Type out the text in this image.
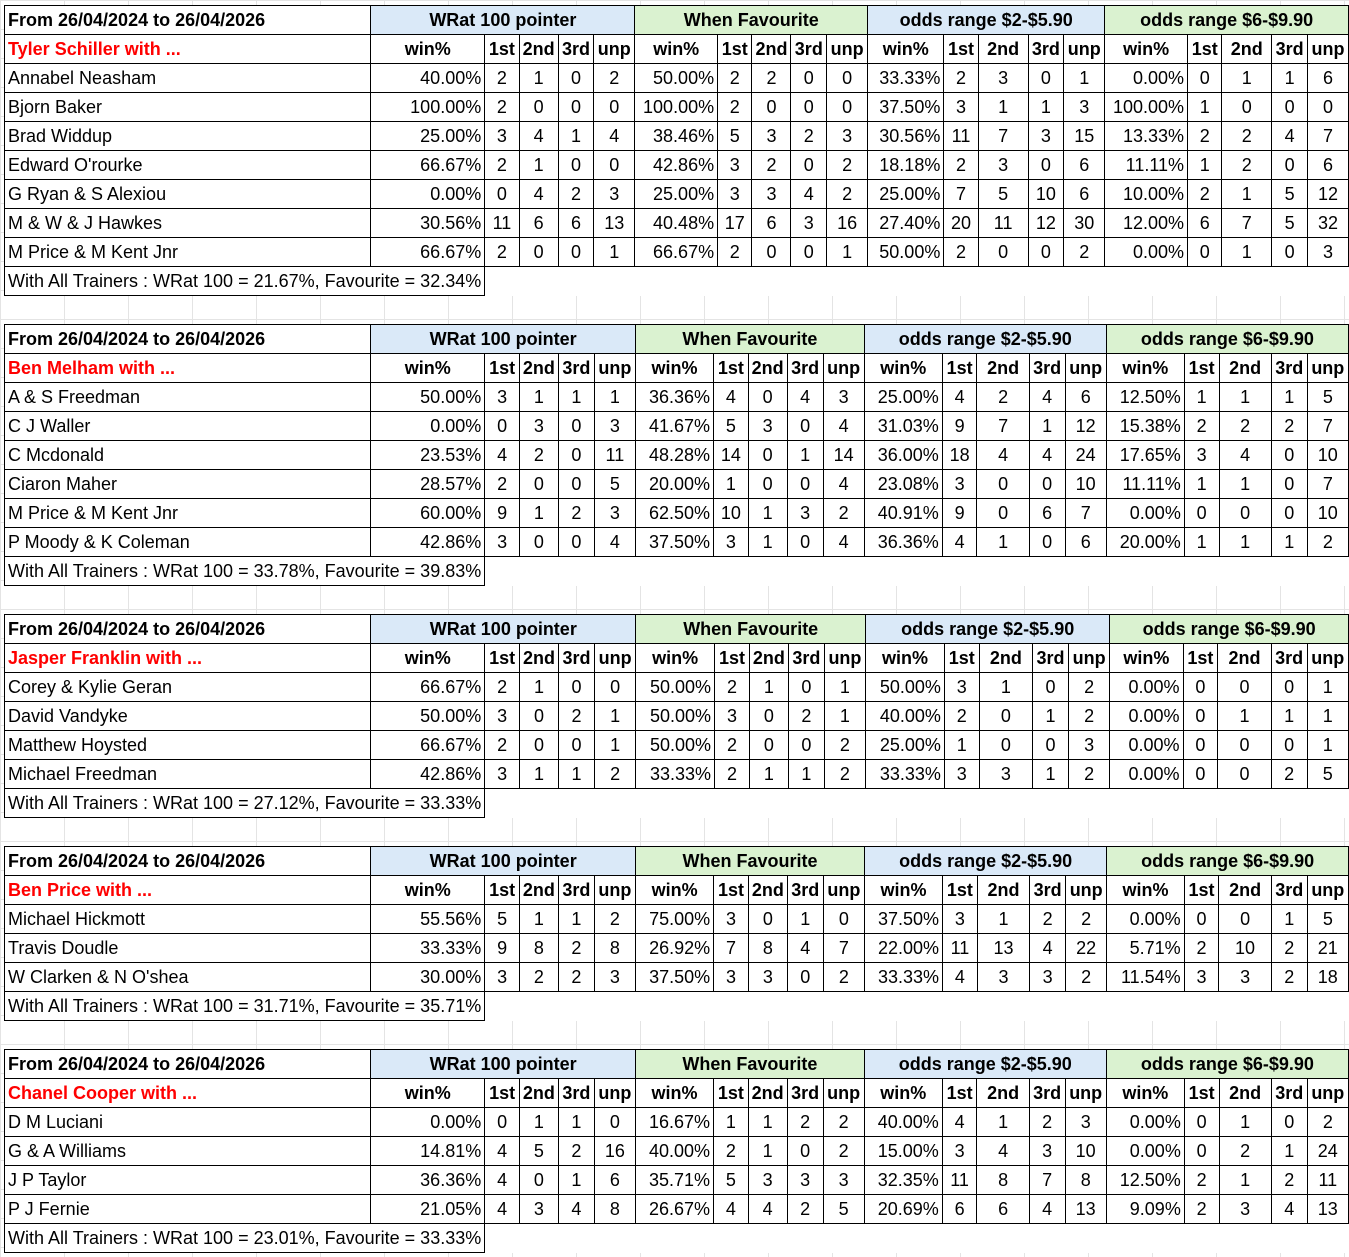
From 26/04/2024 to 26/04/2026	WRat 100 pointer					When Favourite					odds range $2-$5.90					odds range $6-$9.90				
Tyler Schiller with ...	win%	1st	2nd	3rd	unp	win%	1st	2nd	3rd	unp	win%	1st	2nd	3rd	unp	win%	1st	2nd	3rd	unp
Annabel Neasham	40.00%	2	1	0	2	50.00%	2	2	0	0	33.33%	2	3	0	1	0.00%	0	1	1	6
Bjorn Baker	100.00%	2	0	0	0	100.00%	2	0	0	0	37.50%	3	1	1	3	100.00%	1	0	0	0
Brad Widdup	25.00%	3	4	1	4	38.46%	5	3	2	3	30.56%	11	7	3	15	13.33%	2	2	4	7
Edward O'rourke	66.67%	2	1	0	0	42.86%	3	2	0	2	18.18%	2	3	0	6	11.11%	1	2	0	6
G Ryan & S Alexiou	0.00%	0	4	2	3	25.00%	3	3	4	2	25.00%	7	5	10	6	10.00%	2	1	5	12
M & W & J Hawkes	30.56%	11	6	6	13	40.48%	17	6	3	16	27.40%	20	11	12	30	12.00%	6	7	5	32
M Price & M Kent Jnr	66.67%	2	0	0	1	66.67%	2	0	0	1	50.00%	2	0	0	2	0.00%	0	1	0	3
With All Trainers : WRat 100 = 21.67%, Favourite = 32.34%																				
From 26/04/2024 to 26/04/2026	WRat 100 pointer					When Favourite					odds range $2-$5.90					odds range $6-$9.90				
Ben Melham with ...	win%	1st	2nd	3rd	unp	win%	1st	2nd	3rd	unp	win%	1st	2nd	3rd	unp	win%	1st	2nd	3rd	unp
A & S Freedman	50.00%	3	1	1	1	36.36%	4	0	4	3	25.00%	4	2	4	6	12.50%	1	1	1	5
C J Waller	0.00%	0	3	0	3	41.67%	5	3	0	4	31.03%	9	7	1	12	15.38%	2	2	2	7
C Mcdonald	23.53%	4	2	0	11	48.28%	14	0	1	14	36.00%	18	4	4	24	17.65%	3	4	0	10
Ciaron Maher	28.57%	2	0	0	5	20.00%	1	0	0	4	23.08%	3	0	0	10	11.11%	1	1	0	7
M Price & M Kent Jnr	60.00%	9	1	2	3	62.50%	10	1	3	2	40.91%	9	0	6	7	0.00%	0	0	0	10
P Moody & K Coleman	42.86%	3	0	0	4	37.50%	3	1	0	4	36.36%	4	1	0	6	20.00%	1	1	1	2
With All Trainers : WRat 100 = 33.78%, Favourite = 39.83%																				
From 26/04/2024 to 26/04/2026	WRat 100 pointer					When Favourite					odds range $2-$5.90					odds range $6-$9.90				
Jasper Franklin with ...	win%	1st	2nd	3rd	unp	win%	1st	2nd	3rd	unp	win%	1st	2nd	3rd	unp	win%	1st	2nd	3rd	unp
Corey & Kylie Geran	66.67%	2	1	0	0	50.00%	2	1	0	1	50.00%	3	1	0	2	0.00%	0	0	0	1
David Vandyke	50.00%	3	0	2	1	50.00%	3	0	2	1	40.00%	2	0	1	2	0.00%	0	1	1	1
Matthew Hoysted	66.67%	2	0	0	1	50.00%	2	0	0	2	25.00%	1	0	0	3	0.00%	0	0	0	1
Michael Freedman	42.86%	3	1	1	2	33.33%	2	1	1	2	33.33%	3	3	1	2	0.00%	0	0	2	5
With All Trainers : WRat 100 = 27.12%, Favourite = 33.33%																				
From 26/04/2024 to 26/04/2026	WRat 100 pointer					When Favourite					odds range $2-$5.90					odds range $6-$9.90				
Ben Price with ...	win%	1st	2nd	3rd	unp	win%	1st	2nd	3rd	unp	win%	1st	2nd	3rd	unp	win%	1st	2nd	3rd	unp
Michael Hickmott	55.56%	5	1	1	2	75.00%	3	0	1	0	37.50%	3	1	2	2	0.00%	0	0	1	5
Travis Doudle	33.33%	9	8	2	8	26.92%	7	8	4	7	22.00%	11	13	4	22	5.71%	2	10	2	21
W Clarken & N O'shea	30.00%	3	2	2	3	37.50%	3	3	0	2	33.33%	4	3	3	2	11.54%	3	3	2	18
With All Trainers : WRat 100 = 31.71%, Favourite = 35.71%																				
From 26/04/2024 to 26/04/2026	WRat 100 pointer					When Favourite					odds range $2-$5.90					odds range $6-$9.90				
Chanel Cooper with ...	win%	1st	2nd	3rd	unp	win%	1st	2nd	3rd	unp	win%	1st	2nd	3rd	unp	win%	1st	2nd	3rd	unp
D M Luciani	0.00%	0	1	1	0	16.67%	1	1	2	2	40.00%	4	1	2	3	0.00%	0	1	0	2
G & A Williams	14.81%	4	5	2	16	40.00%	2	1	0	2	15.00%	3	4	3	10	0.00%	0	2	1	24
J P Taylor	36.36%	4	0	1	6	35.71%	5	3	3	3	32.35%	11	8	7	8	12.50%	2	1	2	11
P J Fernie	21.05%	4	3	4	8	26.67%	4	4	2	5	20.69%	6	6	4	13	9.09%	2	3	4	13
With All Trainers : WRat 100 = 23.01%, Favourite = 33.33%																				
